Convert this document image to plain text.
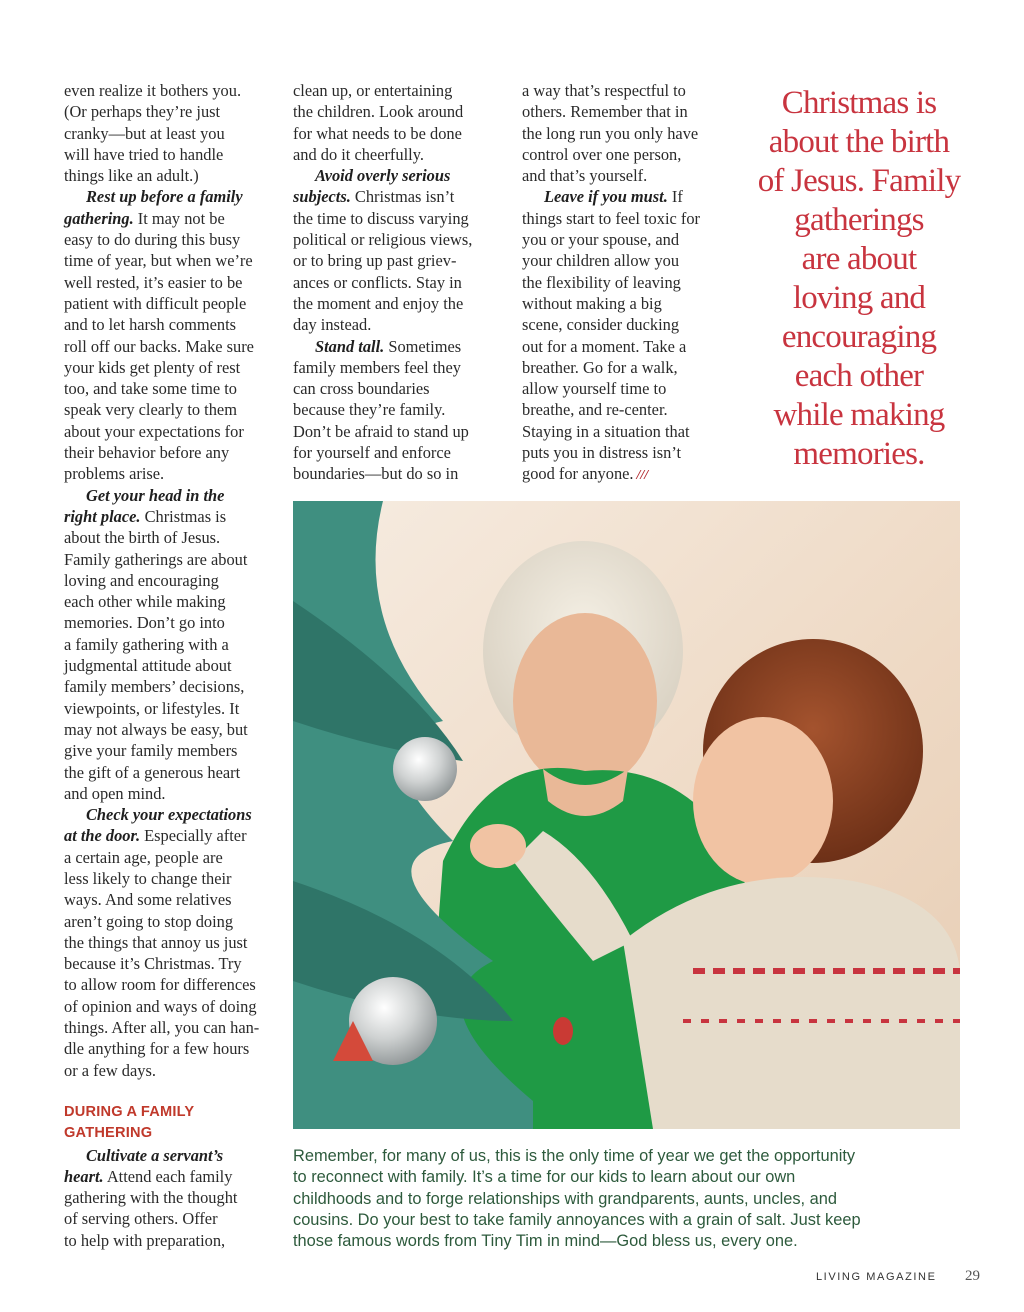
even realize it bothers you.
(Or perhaps they’re just
cranky—but at least you
will have tried to handle
things like an adult.)
Rest up before a family
gathering. It may not be
easy to do during this busy
time of year, but when we’re
well rested, it’s easier to be
patient with difficult people
and to let harsh comments
roll off our backs. Make sure
your kids get plenty of rest
too, and take some time to
speak very clearly to them
about your expectations for
their behavior before any
problems arise.
Get your head in the
right place. Christmas is
about the birth of Jesus.
Family gatherings are about
loving and encouraging
each other while making
memories. Don’t go into
a family gathering with a
judgmental attitude about
family members’ decisions,
viewpoints, or lifestyles. It
may not always be easy, but
give your family members
the gift of a generous heart
and open mind.
Check your expectations
at the door. Especially after
a certain age, people are
less likely to change their
ways. And some relatives
aren’t going to stop doing
the things that annoy us just
because it’s Christmas. Try
to allow room for differences
of opinion and ways of doing
things. After all, you can han-
dle anything for a few hours
or a few days.
DURING A FAMILY
GATHERING
Cultivate a servant’s
heart. Attend each family
gathering with the thought
of serving others. Offer
to help with preparation,
clean up, or entertaining
the children. Look around
for what needs to be done
and do it cheerfully.
Avoid overly serious
subjects. Christmas isn’t
the time to discuss varying
political or religious views,
or to bring up past griev-
ances or conflicts. Stay in
the moment and enjoy the
day instead.
Stand tall. Sometimes
family members feel they
can cross boundaries
because they’re family.
Don’t be afraid to stand up
for yourself and enforce
boundaries—but do so in
a way that’s respectful to
others. Remember that in
the long run you only have
control over one person,
and that’s yourself.
Leave if you must. If
things start to feel toxic for
you or your spouse, and
your children allow you
the flexibility of leaving
without making a big
scene, consider ducking
out for a moment. Take a
breather. Go for a walk,
allow yourself time to
breathe, and re-center.
Staying in a situation that
puts you in distress isn’t
good for anyone. ///
Christmas is
about the birth
of Jesus. Family
gatherings
are about
loving and
encouraging
each other
while making
memories.
Remember, for many of us, this is the only time of year we get the opportunity
to reconnect with family. It’s a time for our kids to learn about our own
childhoods and to forge relationships with grandparents, aunts, uncles, and
cousins. Do your best to take family annoyances with a grain of salt. Just keep
those famous words from Tiny Tim in mind—God bless us, every one.
LIVING MAGAZINE 29
